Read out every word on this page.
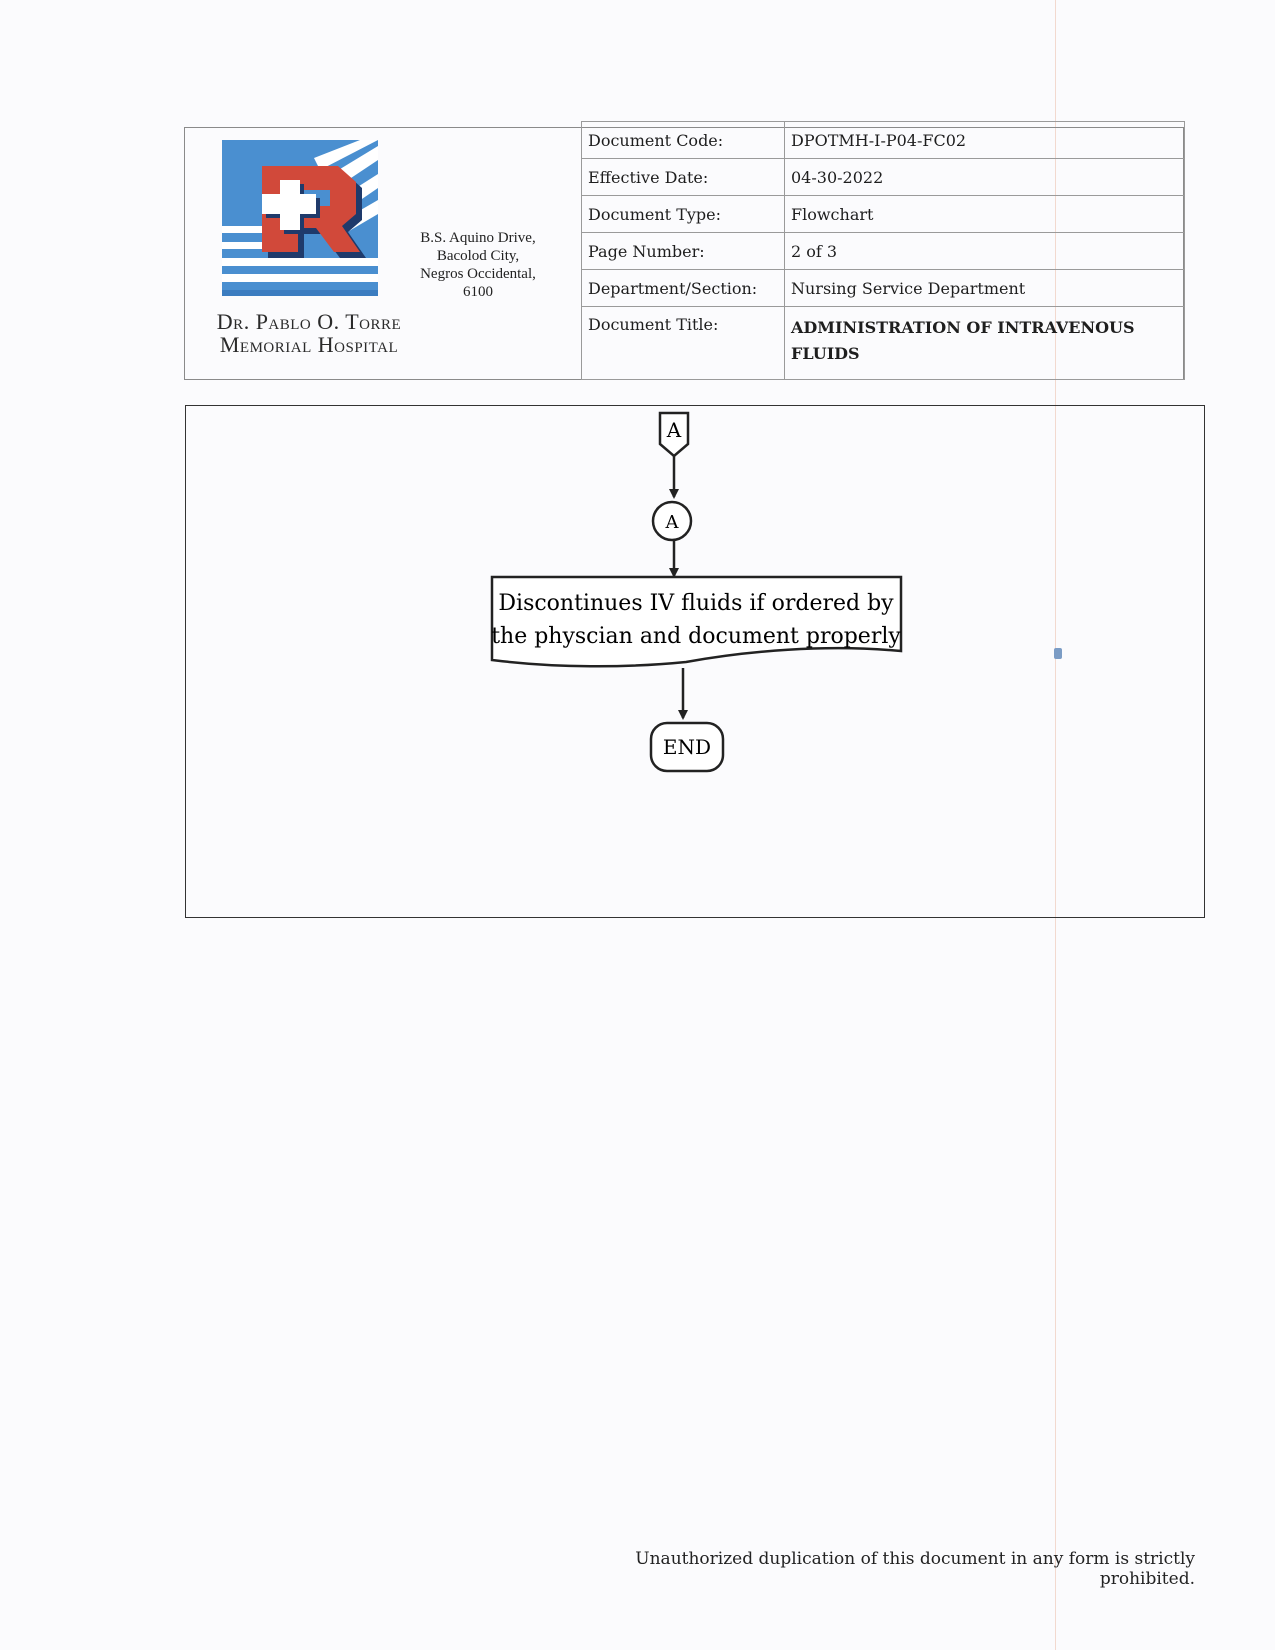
Dr. Pablo O. Torre
Memorial Hospital
B.S. Aquino Drive,
Bacolod City,
Negros Occidental,
6100
Document Code:	DPOTMH-I-P04-FC02
Effective Date:	04-30-2022
Document Type:	Flowchart
Page Number:	2 of 3
Department/Section:	Nursing Service Department
Document Title:	ADMINISTRATION OF INTRAVENOUS FLUIDS
A
A
Discontinues IV fluids if ordered by
the physcian and document properly
END
Unauthorized duplication of this document in any form is strictly prohibited.
